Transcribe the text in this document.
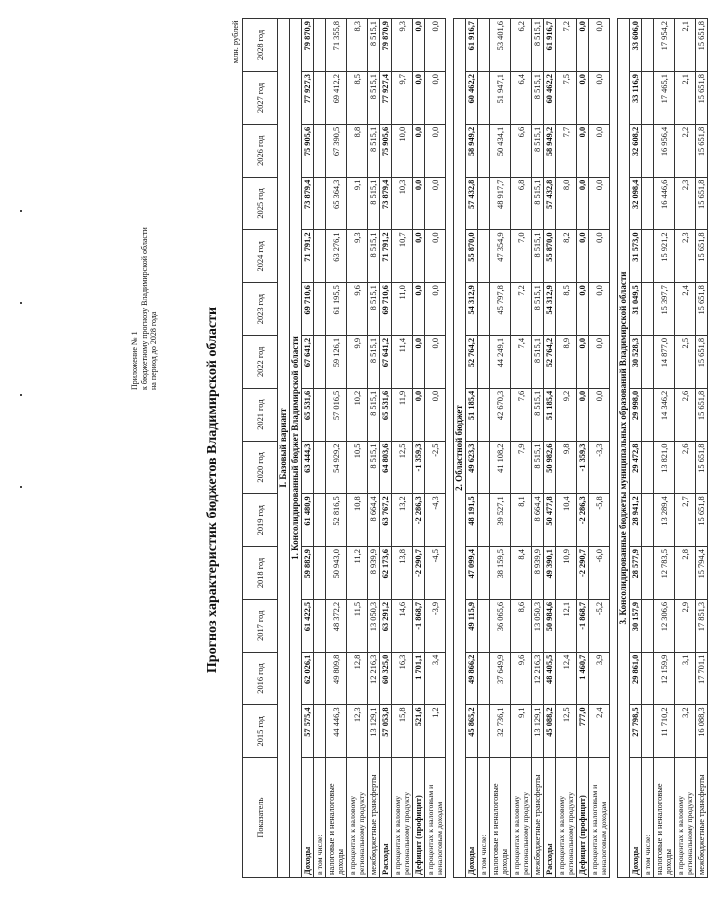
Приложение № 1 к бюджетному прогнозу Владимирской области на период до 2028 года	Прогноз характеристик бюджетов Владимирской области
млн. рублей														
Показатель	2015 год	2016 год	2017 год	2018 год	2019 год	2020 год	2021 год	2022 год	2023 год	2024 год	2025 год	2026 год	2027 год	2028 год
I. Базовый вариант														
1. Консолидированный бюджет Владимирской области														
Доходы	57 575,4	62 026,1	61 422,5	59 882,9	61 480,9	63 444,3	65 531,6	67 641,2	69 710,6	71 791,2	73 879,4	75 905,6	77 927,3	79 870,9
в том числе:														
налоговые и неналоговые доходы	44 446,3	49 809,8	48 372,2	50 943,0	52 816,5	54 929,2	57 016,5	59 126,1	61 195,5	63 276,1	65 364,3	67 390,5	69 412,2	71 355,8
в процентах к валовому региональному продукту	12,3	12,8	11,5	11,2	10,8	10,5	10,2	9,9	9,6	9,3	9,1	8,8	8,5	8,3
межбюджетные трансферты	13 129,1	12 216,3	13 050,3	8 939,9	8 664,4	8 515,1	8 515,1	8 515,1	8 515,1	8 515,1	8 515,1	8 515,1	8 515,1	8 515,1
Расходы	57 053,8	60 325,0	63 291,2	62 173,6	63 767,2	64 803,6	65 531,6	67 641,2	69 710,6	71 791,2	73 879,4	75 905,6	77 927,4	79 870,9
в процентах к валовому региональному продукту	15,8	16,3	14,6	13,8	13,2	12,5	11,9	11,4	11,0	10,7	10,3	10,0	9,7	9,3
Дефицит (профицит)	521,6	1 701,1	-1 868,7	-2 290,7	-2 286,3	-1 359,3	0,0	0,0	0,0	0,0	0,0	0,0	0,0	0,0
в процентах к налоговым и неналоговым доходам	1,2	3,4	-3,9	-4,5	-4,3	-2,5	0,0	0,0	0,0	0,0	0,0	0,0	0,0	0,0

2. Областной бюджет														
Доходы	45 865,2	49 866,2	49 115,9	47 099,4	48 191,5	49 623,3	51 185,4	52 764,2	54 312,9	55 870,0	57 432,8	58 949,2	60 462,2	61 916,7
в том числе:														
налоговые и неналоговые доходы	32 736,1	37 649,9	36 065,6	38 159,5	39 527,1	41 108,2	42 670,3	44 249,1	45 797,8	47 354,9	48 917,7	50 434,1	51 947,1	53 401,6
в процентах к валовому региональному продукту	9,1	9,6	8,6	8,4	8,1	7,9	7,6	7,4	7,2	7,0	6,8	6,6	6,4	6,2
межбюджетные трансферты	13 129,1	12 216,3	13 050,3	8 939,9	8 664,4	8 515,1	8 515,1	8 515,1	8 515,1	8 515,1	8 515,1	8 515,1	8 515,1	8 515,1
Расходы	45 088,2	48 405,5	50 984,6	49 390,1	50 477,8	50 982,6	51 185,4	52 764,2	54 312,9	55 870,0	57 432,8	58 949,2	60 462,2	61 916,7
в процентах к валовому региональному продукту	12,5	12,4	12,1	10,9	10,4	9,8	9,2	8,9	8,5	8,2	8,0	7,7	7,5	7,2
Дефицит (профицит)	777,0	1 460,7	-1 868,7	-2 290,7	-2 286,3	-1 359,3	0,0	0,0	0,0	0,0	0,0	0,0	0,0	0,0
в процентах к налоговым и неналоговым доходам	2,4	3,9	-5,2	-6,0	-5,8	-3,3	0,0	0,0	0,0	0,0	0,0	0,0	0,0	0,0

3. Консолидированные бюджеты муниципальных образований Владимирской области														
Доходы	27 798,5	29 861,0	30 157,9	28 577,9	28 941,2	29 472,8	29 998,0	30 528,3	31 049,5	31 573,0	32 098,4	32 608,2	33 116,9	33 606,0
в том числе:														
налоговые и неналоговые доходы	11 710,2	12 159,9	12 306,6	12 783,5	13 289,4	13 821,0	14 346,2	14 877,0	15 397,7	15 921,2	16 446,6	16 956,4	17 465,1	17 954,2
в процентах к валовому региональному продукту	3,2	3,1	2,9	2,8	2,7	2,6	2,6	2,5	2,4	2,3	2,3	2,2	2,1	2,1
межбюджетные трансферты	16 088,3	17 701,1	17 851,3	15 794,4	15 651,8	15 651,8	15 651,8	15 651,8	15 651,8	15 651,8	15 651,8	15 651,8	15 651,8	15 651,8
